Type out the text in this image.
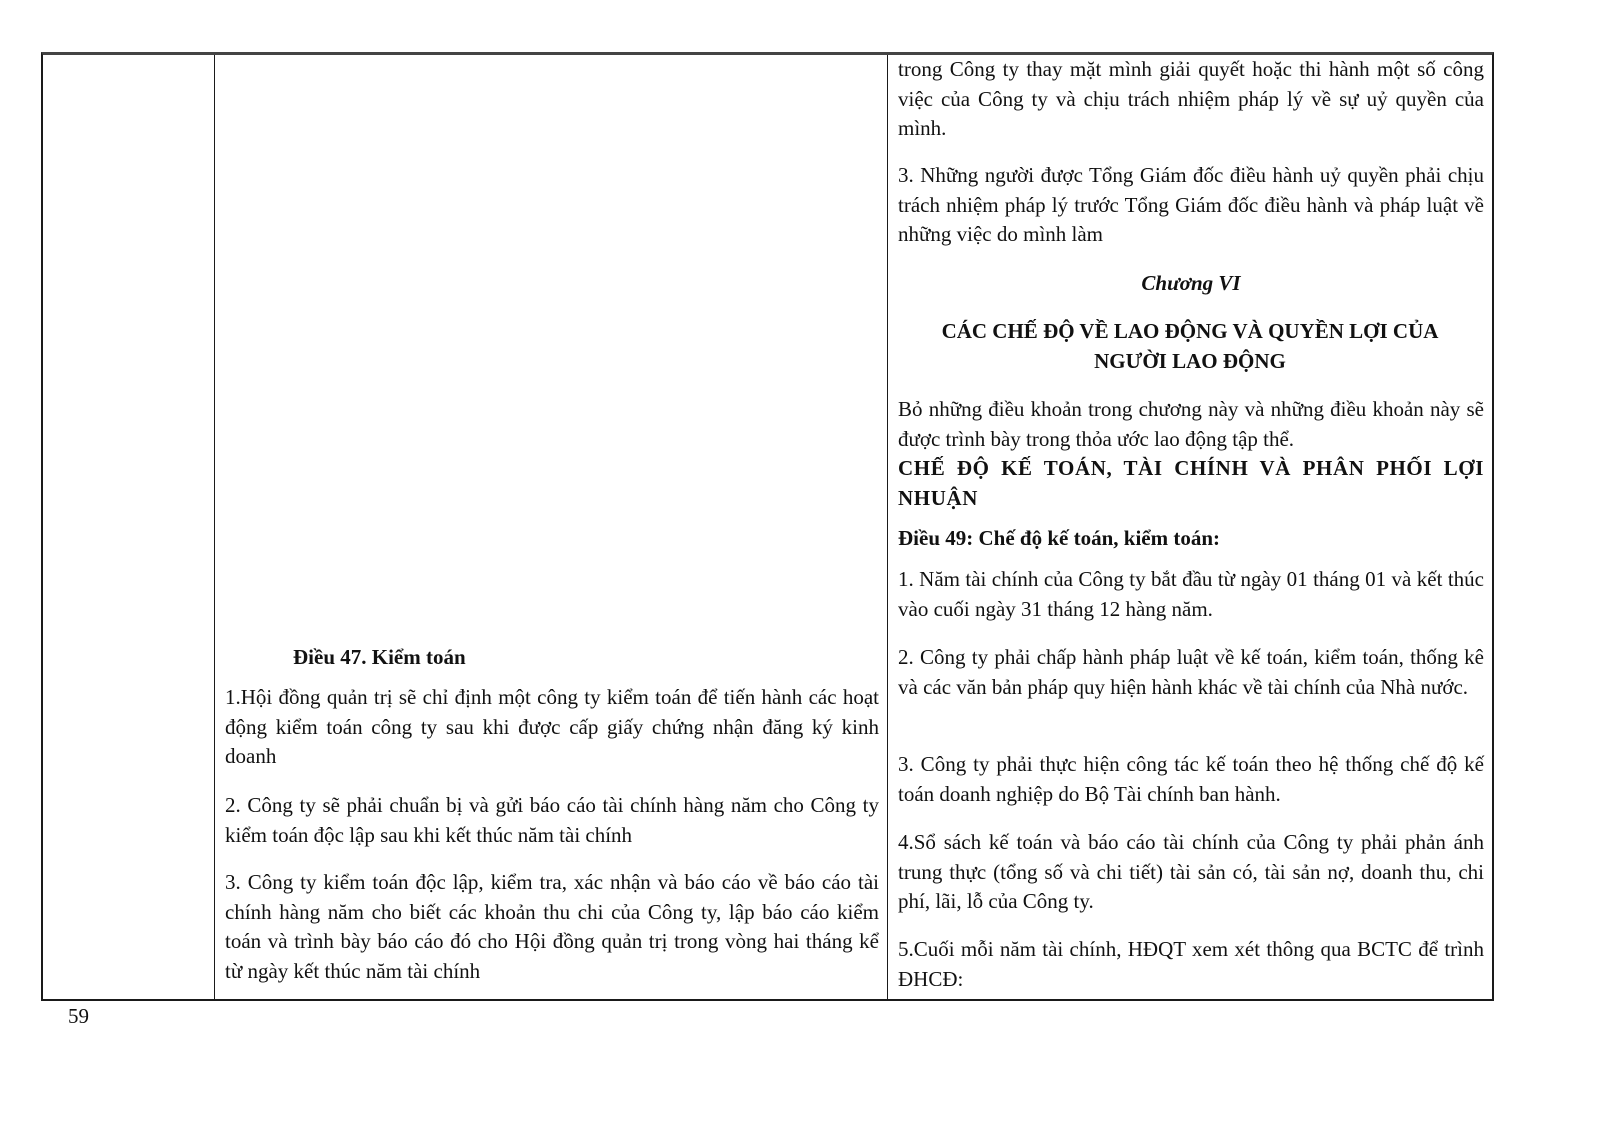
Điều 47. Kiểm toán

1.Hội đồng quản trị sẽ chỉ định một công ty kiểm toán để tiến hành các hoạt động kiểm toán công ty sau khi được cấp giấy chứng nhận đăng ký kinh doanh

2. Công ty sẽ phải chuẩn bị và gửi báo cáo tài chính hàng năm cho Công ty kiểm toán độc lập sau khi kết thúc năm tài chính

3. Công ty kiểm toán độc lập, kiểm tra, xác nhận và báo cáo về báo cáo tài chính hàng năm cho biết các khoản thu chi của Công ty, lập báo cáo kiểm toán và trình bày báo cáo đó cho Hội đồng quản trị trong vòng hai tháng kể từ ngày kết thúc năm tài chính

trong Công ty thay mặt mình giải quyết hoặc thi hành một số công việc của Công ty và chịu trách nhiệm pháp lý về sự uỷ quyền của mình.

3. Những người được Tổng Giám đốc điều hành uỷ quyền phải chịu trách nhiệm pháp lý trước Tổng Giám đốc điều hành và pháp luật về những việc do mình làm

Chương VI

CÁC CHẾ ĐỘ VỀ LAO ĐỘNG VÀ QUYỀN LỢI CỦA NGƯỜI LAO ĐỘNG

Bỏ những điều khoản trong chương này và những điều khoản này sẽ được trình bày trong thỏa ước lao động tập thể.

CHẾ ĐỘ KẾ TOÁN, TÀI CHÍNH VÀ PHÂN PHỐI LỢI NHUẬN

Điều 49: Chế độ kế toán, kiểm toán:

1. Năm tài chính của Công ty bắt đầu từ ngày 01 tháng 01 và kết thúc vào cuối ngày 31 tháng 12 hàng năm.

2. Công ty phải chấp hành pháp luật về kế toán, kiểm toán, thống kê và các văn bản pháp quy hiện hành khác về tài chính của Nhà nước.

3. Công ty phải thực hiện công tác kế toán theo hệ thống chế độ kế toán doanh nghiệp do Bộ Tài chính ban hành.

4.Sổ sách kế toán và báo cáo tài chính của Công ty phải phản ánh trung thực (tổng số và chi tiết) tài sản có, tài sản nợ, doanh thu, chi phí, lãi, lỗ của Công ty.

5.Cuối mỗi năm tài chính, HĐQT xem xét thông qua BCTC để trình ĐHCĐ:

59
